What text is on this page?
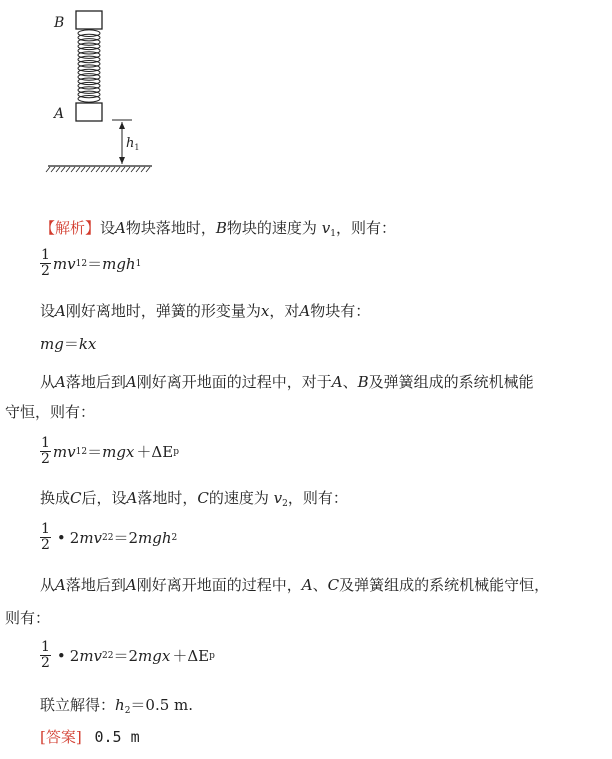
B
A
$h_1$
【解析】设A物块落地时，B物块的速度为 $v_1$，则有：
$\frac{1}{2}$ mv 1 2 ＝ mgh 1
设A刚好离地时，弹簧的形变量为x，对A物块有：
mg＝kx
从A落地后到A刚好离开地面的过程中，对于A、B及弹簧组成的系统机械能
守恒，则有：
$\frac{1}{2}$ mv 1 2 ＝ mgx ＋ΔE p
换成C后，设A落地时，C的速度为 $v_2$，则有：
$\frac{1}{2}$ • 2 mv 2 2 ＝2 mgh 2
从A落地后到A刚好离开地面的过程中，A、C及弹簧组成的系统机械能守恒，
则有：
$\frac{1}{2}$ • 2 mv 2 2 ＝2 mgx ＋ΔE p
联立解得：$h_2=0.5$ m.
[答案] 0.5 m
